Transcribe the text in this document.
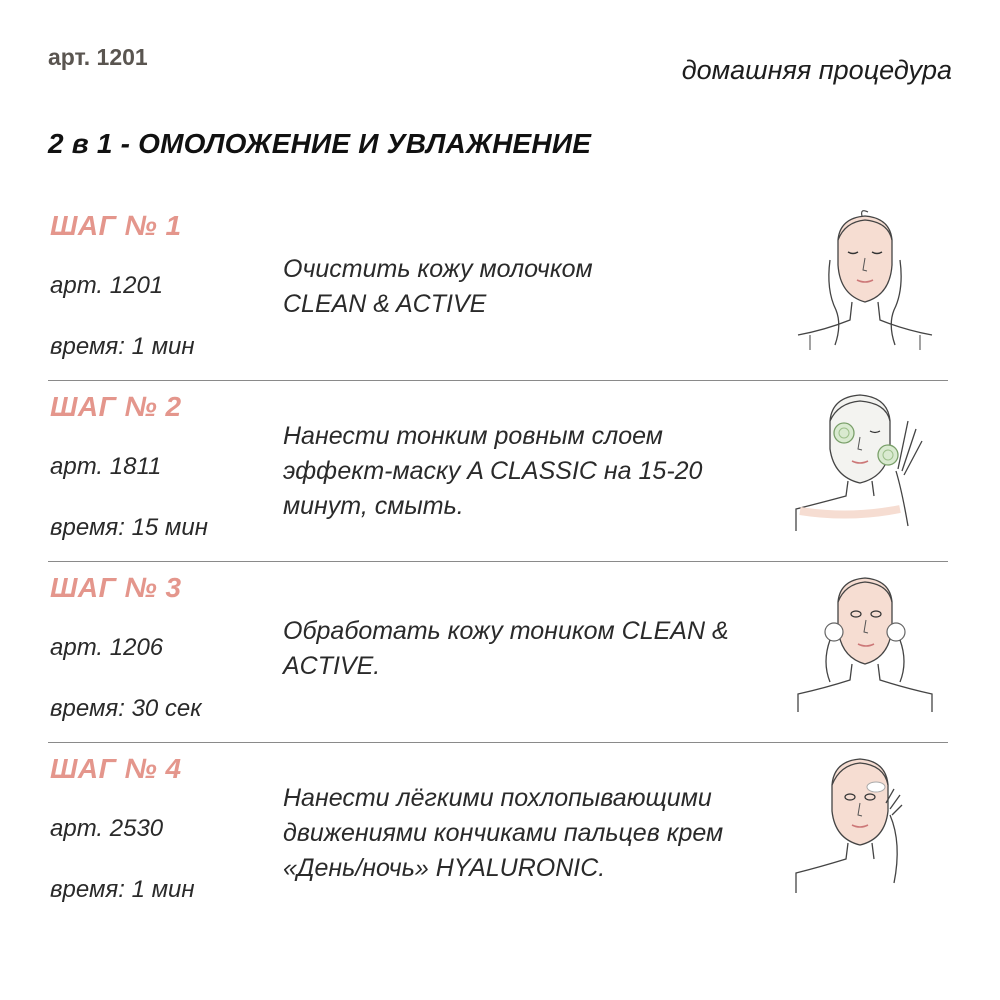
арт. 1201	домашняя процедура
2 в 1 - ОМОЛОЖЕНИЕ И УВЛАЖНЕНИЕ
ШАГ № 1
арт. 1201
время: 1 мин
Очистить кожу молочком CLEAN & ACTIVE
ШАГ № 2
арт. 1811
время: 15 мин
Нанести тонким ровным слоем эффект-маску A CLASSIC на 15-20 минут, смыть.
ШАГ № 3
арт. 1206
время: 30 сек
Обработать кожу тоником CLEAN & ACTIVE.
ШАГ № 4
арт. 2530
время: 1 мин
Нанести лёгкими похлопывающими движениями кончиками пальцев крем «День/ночь» HYALURONIC.
